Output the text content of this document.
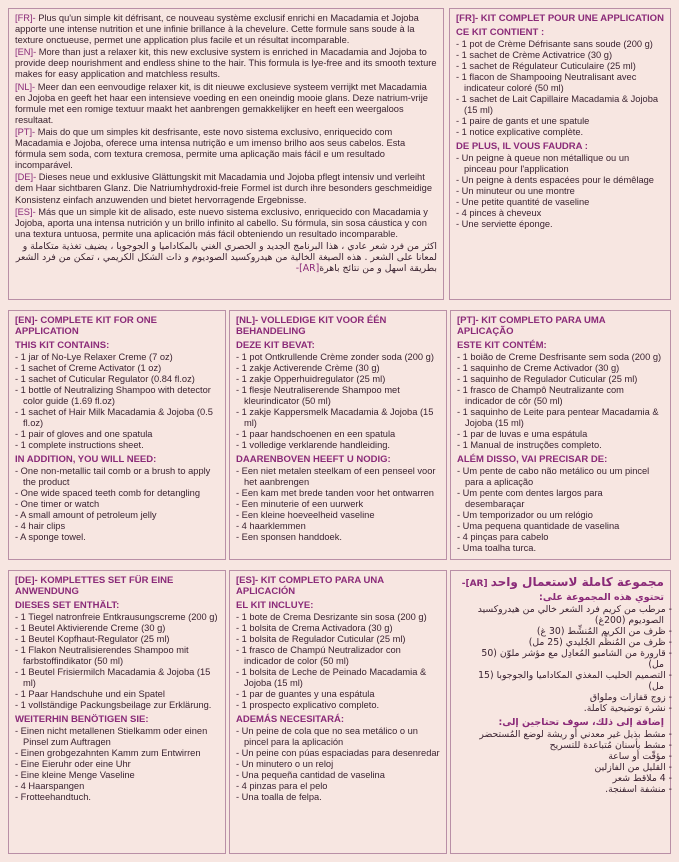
[FR]- Plus qu'un simple kit défrisant, ce nouveau système exclusif enrichi en Macadamia et Jojoba apporte une intense nutrition et une infinie brillance à la chevelure. Cette formule sans soude à la texture onctueuse, permet une application plus facile et un résultat incomparable.

[EN]- More than just a relaxer kit, this new exclusive system is enriched in Macadamia and Jojoba to provide deep nourishment and endless shine to the hair. This formula is lye-free and its smooth texture makes for easy application and matchless results.

[NL]- Meer dan een eenvoudige relaxer kit, is dit nieuwe exclusieve systeem verrijkt met Macadamia en Jojoba en geeft het haar een intensieve voeding en een oneindig mooie glans. Deze natrium-vrije formule met een romige textuur maakt het aanbrengen gemakkelijker en heeft een weergaloos resultaat.

[PT]- Mais do que um simples kit desfrisante, este novo sistema exclusivo, enriquecido com Macadamia e Jojoba, oferece uma intensa nutrição e um imenso brilho aos seus cabelos. Esta fórmula sem soda, com textura cremosa, permite uma aplicação mais fácil e um resultado incomparável.

[DE]- Dieses neue und exklusive Glättungskit mit Macadamia und Jojoba pflegt intensiv und verleiht dem Haar sichtbaren Glanz. Die Natriumhydroxid-freie Formel ist durch ihre besonders geschmeidige Konsistenz einfach anzuwenden und bietet hervorragende Ergebnisse.

[ES]- Más que un simple kit de alisado, este nuevo sistema exclusivo, enriquecido con Macadamia y Jojoba, aporta una intensa nutrición y un brillo infinito al cabello. Su fórmula, sin sosa cáustica y con una textura untuosa, permite una aplicación más fácil obteniendo un resultado incomparable.

اكثر من فرد شعر عادي ، هذا البرنامج الجديد و الحصري الغني بالمكاداميا و الجوجوبا ، يضيف تغذية متكاملة و لمعانا على الشعر . هذه الصيغة الخالية من هيدروكسيد الصوديوم و ذات الشكل الكريمي ، تمكن من فرد الشعر بطريقة اسهل و من نتائج باهرة[AR]-

[FR]- KIT COMPLET POUR UNE APPLICATION
CE KIT CONTIENT :
- 1 pot de Crème Défrisante sans soude (200 g)
- 1 sachet de Crème Activatrice (30 g)
- 1 sachet de Régulateur Cuticulaire (25 ml)
- 1 flacon de Shampooing Neutralisant avec indicateur coloré (50 ml)
- 1 sachet de Lait Capillaire Macadamia & Jojoba (15 ml)
- 1 paire de gants et une spatule
- 1 notice explicative complète.
DE PLUS, IL VOUS FAUDRA :
- Un peigne à queue non métallique ou un pinceau pour l'application
- Un peigne à dents espacées pour le démêlage
- Un minuteur ou une montre
- Une petite quantité de vaseline
- 4 pinces à cheveux
- Une serviette éponge.
[EN]- COMPLETE KIT FOR ONE APPLICATION
THIS KIT CONTAINS:
- 1 jar of No-Lye Relaxer Creme (7 oz)
- 1 sachet of Creme Activator (1 oz)
- 1 sachet of Cuticular Regulator (0.84 fl.oz)
- 1 bottle of Neutralizing Shampoo with detector color guide (1.69 fl.oz)
- 1 sachet of Hair Milk Macadamia & Jojoba (0.5 fl.oz)
- 1 pair of gloves and one spatula
- 1 complete instructions sheet.
IN ADDITION, YOU WILL NEED:
- One non-metallic tail comb or a brush to apply the product
- One wide spaced teeth comb for detangling
- One timer or watch
- A small amount of petroleum jelly
- 4 hair clips
- A sponge towel.
[NL]- VOLLEDIGE KIT VOOR ÉÉN BEHANDELING
DEZE KIT BEVAT:
- 1 pot Ontkrullende Crème zonder soda (200 g)
- 1 zakje Activerende Crème (30 g)
- 1 zakje Opperhuidregulator (25 ml)
- 1 flesje Neutraliserende Shampoo met kleurindicator (50 ml)
- 1 zakje Kappersmelk Macadamia & Jojoba (15 ml)
- 1 paar handschoenen en een spatula
- 1 volledige verklarende handleiding.
DAARENBOVEN HEEFT U NODIG:
- Een niet metalen steelkam of een penseel voor het aanbrengen
- Een kam met brede tanden voor het ontwarren
- Een minuterie of een uurwerk
- Een kleine hoeveelheid vaseline
- 4 haarklemmen
- Een sponsen handdoek.
[PT]- KIT COMPLETO PARA UMA APLICAÇÃO
ESTE KIT CONTÉM:
- 1 boião de Creme Desfrisante sem soda (200 g)
- 1 saquinho de Creme Activador (30 g)
- 1 saquinho de Regulador Cuticular (25 ml)
- 1 frasco de Champô Neutralizante com indicador de côr (50 ml)
- 1 saquinho de Leite para pentear Macadamia & Jojoba (15 ml)
- 1 par de luvas e uma espátula
- 1 Manual de instruções completo.
ALÉM DISSO, VAI PRECISAR DE:
- Um pente de cabo não metálico ou um pincel para a aplicação
- Um pente com dentes largos para desembaraçar
- Um temporizador ou um relógio
- Uma pequena quantidade de vaselina
- 4 pinças para cabelo
- Uma toalha turca.
[DE]- KOMPLETTES SET FÜR EINE ANWENDUNG
DIESES SET ENTHÄLT:
- 1 Tiegel natronfreie Entkrausungscreme (200 g)
- 1 Beutel Aktivierende Creme (30 g)
- 1 Beutel Kopfhaut-Regulator (25 ml)
- 1 Flakon Neutralisierendes Shampoo mit farbstoffindikator (50 ml)
- 1 Beutel Frisiermilch Macadamia & Jojoba (15 ml)
- 1 Paar Handschuhe und ein Spatel
- 1 vollständige Packungsbeilage zur Erklärung.
WEITERHIN BENÖTIGEN SIE:
- Einen nicht metallenen Stielkamm oder einen Pinsel zum Auftragen
- Einen grobgezahnten Kamm zum Entwirren
- Eine Eieruhr oder eine Uhr
- Eine kleine Menge Vaseline
- 4 Haarspangen
- Frotteehandtuch.
[ES]- KIT COMPLETO PARA UNA APLICACIÓN
EL KIT INCLUYE:
- 1 bote de Crema Desrizante sin sosa (200 g)
- 1 bolsita de Crema Activadora (30 g)
- 1 bolsita de Regulador Cuticular (25 ml)
- 1 frasco de Champú Neutralizador con indicador de color (50 ml)
- 1 bolsita de Leche de Peinado Macadamia & Jojoba (15 ml)
- 1 par de guantes y una espátula
- 1 prospecto explicativo completo.
ADEMÁS NECESITARÁ:
- Un peine de cola que no sea metálico o un pincel para la aplicación
- Un peine con púas espaciadas para desenredar
- Un minutero o un reloj
- Una pequeña cantidad de vaselina
- 4 pinzas para el pelo
- Una toalla de felpa.
مجموعة كاملة لاستعمال واحد [AR]-
تحتوي هذه المجموعة على:
- مرطب من كريم فرد الشعر خالي من هيدروكسيد الصوديوم (200غ)
- ظرف من الكريم المُنشِّط (30 غ)
- ظرف من المُنظِّم الجُليدي (25 مل)
- قارورة من الشامبو المُعادِل مع مؤشر ملوّن (50 مل)
- التصميم الحليب المغذي المكاداميا والجوجوبا (15 مل)
- زوج قفازات وملواق
- نشرة توضيحية كاملة.
إضافة إلى ذلك، سوف تحتاجين إلى:
- مشط بذيل غير معدني أو ريشة لوضع المُستحضر
- مشط بأسنان مُتباعدة للتسريح
- مؤقّت أو ساعة
- القليل من الفازلين
- 4 ملاقط شعر
- منشفة اسفنجة.
